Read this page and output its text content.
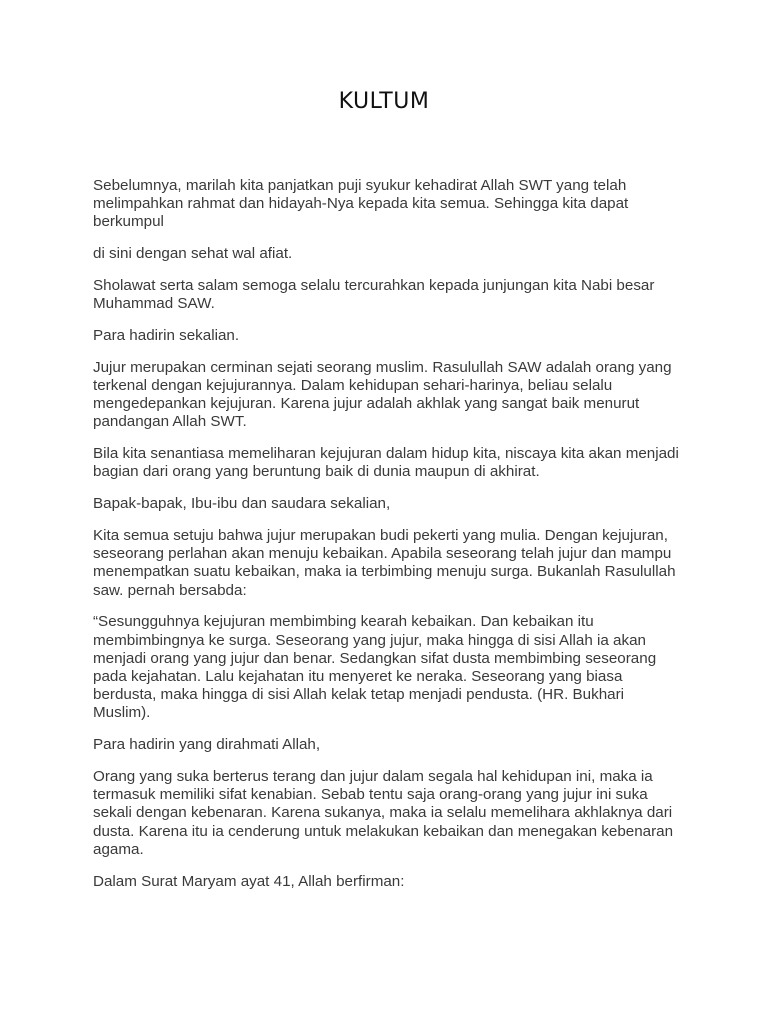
KULTUM

Sebelumnya, marilah kita panjatkan puji syukur kehadirat Allah SWT yang telah melimpahkan rahmat dan hidayah-Nya kepada kita semua. Sehingga kita dapat berkumpul

di sini dengan sehat wal afiat.

Sholawat serta salam semoga selalu tercurahkan kepada junjungan kita Nabi besar Muhammad SAW.

Para hadirin sekalian.

Jujur merupakan cerminan sejati seorang muslim. Rasulullah SAW adalah orang yang terkenal dengan kejujurannya. Dalam kehidupan sehari-harinya, beliau selalu mengedepankan kejujuran. Karena jujur adalah akhlak yang sangat baik menurut pandangan Allah SWT.

Bila kita senantiasa memeliharan kejujuran dalam hidup kita, niscaya kita akan menjadi bagian dari orang yang beruntung baik di dunia maupun di akhirat.

Bapak-bapak, Ibu-ibu dan saudara sekalian,

Kita semua setuju bahwa jujur merupakan budi pekerti yang mulia. Dengan kejujuran, seseorang perlahan akan menuju kebaikan. Apabila seseorang telah jujur dan mampu menempatkan suatu kebaikan, maka ia terbimbing menuju surga. Bukanlah Rasulullah saw. pernah bersabda:

“Sesungguhnya kejujuran membimbing kearah kebaikan. Dan kebaikan itu membimbingnya ke surga. Seseorang yang jujur, maka hingga di sisi Allah ia akan menjadi orang yang jujur dan benar. Sedangkan sifat dusta membimbing seseorang pada kejahatan. Lalu kejahatan itu menyeret ke neraka. Seseorang yang biasa berdusta, maka hingga di sisi Allah kelak tetap menjadi pendusta. (HR. Bukhari Muslim).

Para hadirin yang dirahmati Allah,

Orang yang suka berterus terang dan jujur dalam segala hal kehidupan ini, maka ia termasuk memiliki sifat kenabian. Sebab tentu saja orang-orang yang jujur ini suka sekali dengan kebenaran. Karena sukanya, maka ia selalu memelihara akhlaknya dari dusta. Karena itu ia cenderung untuk melakukan kebaikan dan menegakan kebenaran agama.

Dalam Surat Maryam ayat 41, Allah berfirman:
